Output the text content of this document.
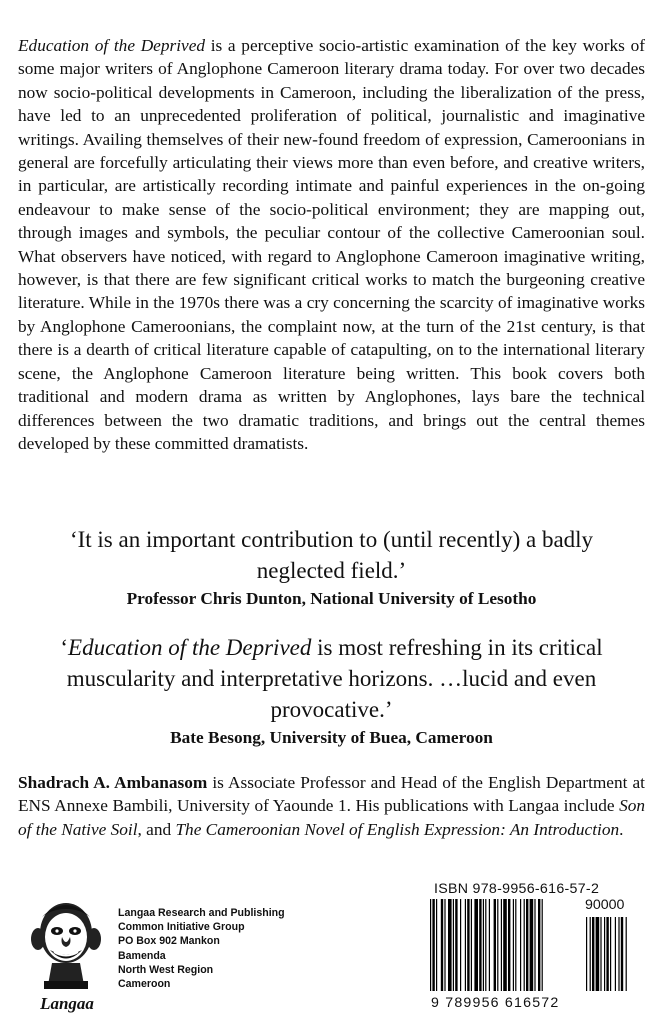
Education of the Deprived is a perceptive socio-artistic examination of the key works of some major writers of Anglophone Cameroon literary drama today. For over two decades now socio-political developments in Cameroon, including the liberalization of the press, have led to an unprecedented proliferation of political, journalistic and imaginative writings. Availing themselves of their new-found freedom of expression, Cameroonians in general are forcefully articulating their views more than even before, and creative writers, in particular, are artistically recording intimate and painful experiences in the on-going endeavour to make sense of the socio-political environment; they are mapping out, through images and symbols, the peculiar contour of the collective Cameroonian soul. What observers have noticed, with regard to Anglophone Cameroon imaginative writing, however, is that there are few significant critical works to match the burgeoning creative literature. While in the 1970s there was a cry concerning the scarcity of imaginative works by Anglophone Cameroonians, the complaint now, at the turn of the 21st century, is that there is a dearth of critical literature capable of catapulting, on to the international literary scene, the Anglophone Cameroon literature being written. This book covers both traditional and modern drama as written by Anglophones, lays bare the technical differences between the two dramatic traditions, and brings out the central themes developed by these committed dramatists.

‘It is an important contribution to (until recently) a badly neglected field.’

Professor Chris Dunton, National University of Lesotho

‘Education of the Deprived is most refreshing in its critical muscularity and interpretative horizons. …lucid and even provocative.’

Bate Besong, University of Buea, Cameroon

Shadrach A. Ambanasom is Associate Professor and Head of the English Department at ENS Annexe Bambili, University of Yaounde 1. His publications with Langaa include Son of the Native Soil, and The Cameroonian Novel of English Expression: An Introduction.

Langaa
Langaa Research and Publishing
Common Initiative Group
PO Box 902 Mankon
Bamenda
North West Region
Cameroon
ISBN 978-9956-616-57-2
90000
9 789956 616572
